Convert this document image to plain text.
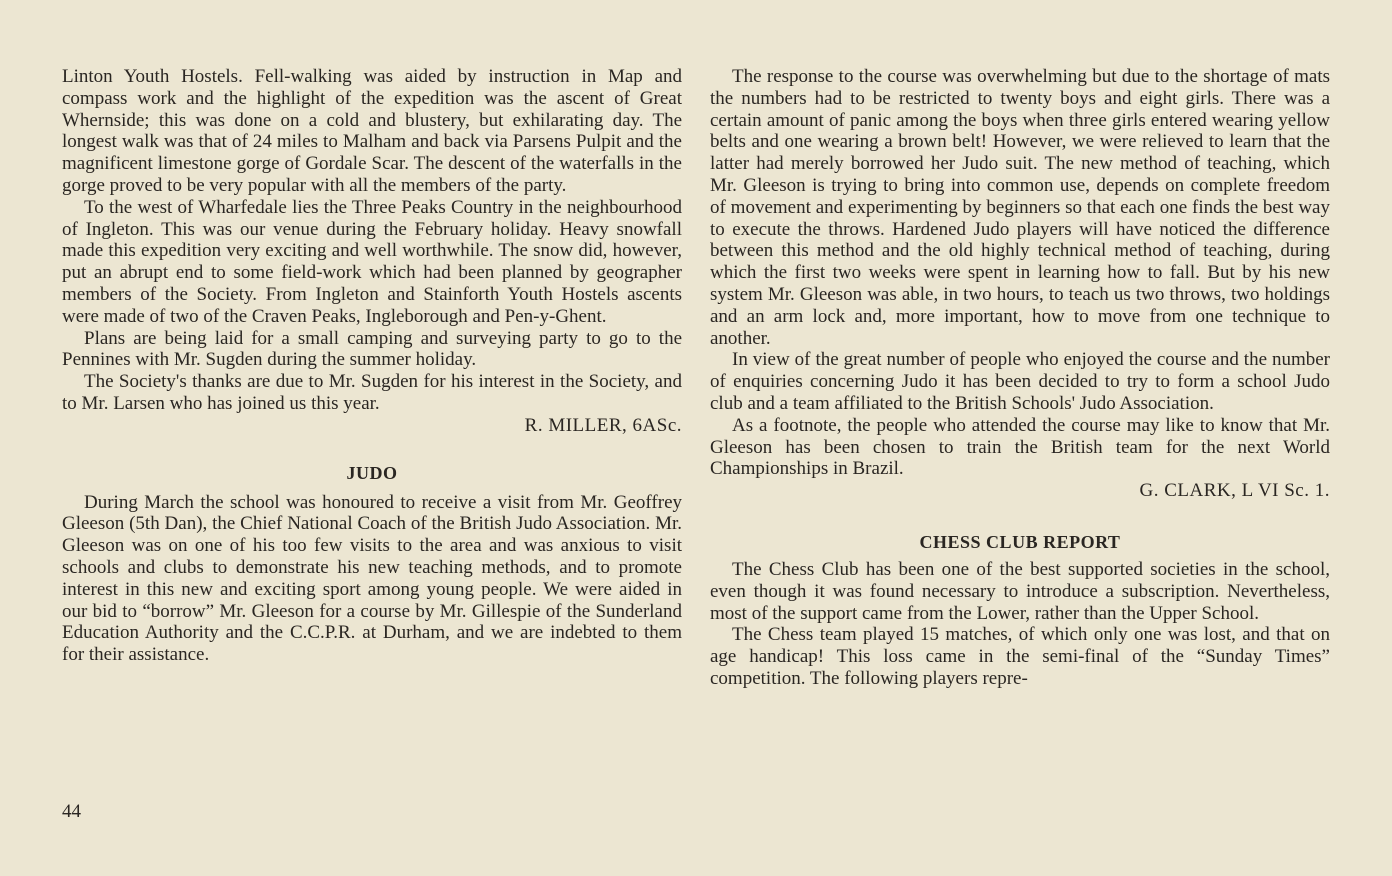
Linton Youth Hostels. Fell-walking was aided by instruction in Map and compass work and the highlight of the expedition was the ascent of Great Whernside; this was done on a cold and blustery, but exhilarating day. The longest walk was that of 24 miles to Malham and back via Parsens Pulpit and the magnificent limestone gorge of Gordale Scar. The descent of the waterfalls in the gorge proved to be very popular with all the members of the party.

To the west of Wharfedale lies the Three Peaks Country in the neighbourhood of Ingleton. This was our venue during the February holiday. Heavy snowfall made this expedition very exciting and well worthwhile. The snow did, however, put an abrupt end to some field-work which had been planned by geographer members of the Society. From Ingleton and Stainforth Youth Hostels ascents were made of two of the Craven Peaks, Ingleborough and Pen-y-Ghent.

Plans are being laid for a small camping and surveying party to go to the Pennines with Mr. Sugden during the summer holiday.

The Society's thanks are due to Mr. Sugden for his interest in the Society, and to Mr. Larsen who has joined us this year.

R. MILLER, 6ASc.
JUDO

During March the school was honoured to receive a visit from Mr. Geoffrey Gleeson (5th Dan), the Chief National Coach of the British Judo Association. Mr. Gleeson was on one of his too few visits to the area and was anxious to visit schools and clubs to demonstrate his new teaching methods, and to promote interest in this new and exciting sport among young people. We were aided in our bid to “borrow” Mr. Gleeson for a course by Mr. Gillespie of the Sunderland Education Authority and the C.C.P.R. at Durham, and we are indebted to them for their assistance.

The response to the course was overwhelming but due to the shortage of mats the numbers had to be restricted to twenty boys and eight girls. There was a certain amount of panic among the boys when three girls entered wearing yellow belts and one wearing a brown belt! However, we were relieved to learn that the latter had merely borrowed her Judo suit. The new method of teaching, which Mr. Gleeson is trying to bring into common use, depends on complete freedom of movement and experimenting by beginners so that each one finds the best way to execute the throws. Hardened Judo players will have noticed the difference between this method and the old highly technical method of teaching, during which the first two weeks were spent in learning how to fall. But by his new system Mr. Gleeson was able, in two hours, to teach us two throws, two holdings and an arm lock and, more important, how to move from one technique to another.

In view of the great number of people who enjoyed the course and the number of enquiries concerning Judo it has been decided to try to form a school Judo club and a team affiliated to the British Schools' Judo Association.

As a footnote, the people who attended the course may like to know that Mr. Gleeson has been chosen to train the British team for the next World Championships in Brazil.

G. CLARK, L VI Sc. 1.
CHESS CLUB REPORT

The Chess Club has been one of the best supported societies in the school, even though it was found necessary to introduce a subscription. Nevertheless, most of the support came from the Lower, rather than the Upper School.

The Chess team played 15 matches, of which only one was lost, and that on age handicap! This loss came in the semi-final of the “Sunday Times” competition. The following players repre-

44
